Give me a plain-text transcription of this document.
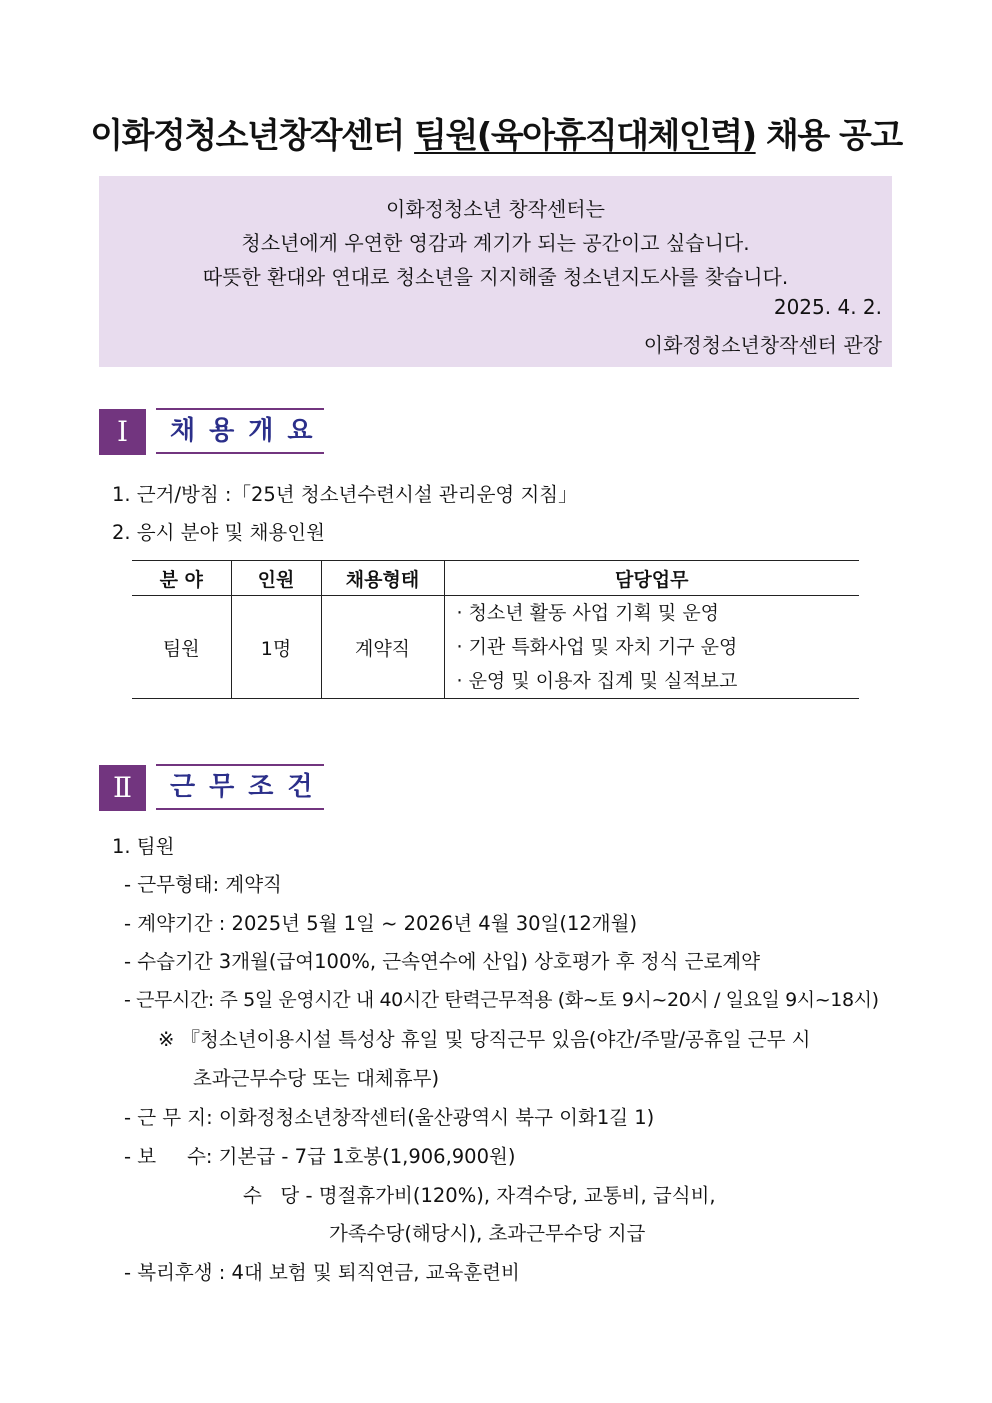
이화정청소년창작센터 팀원(육아휴직대체인력) 채용 공고
이화정청소년 창작센터는
청소년에게 우연한 영감과 계기가 되는 공간이고 싶습니다.
따뜻한 환대와 연대로 청소년을 지지해줄 청소년지도사를 찾습니다.
2025. 4. 2.
이화정청소년창작센터 관장
Ⅰ	채용개요
1. 근거/방침 :「25년 청소년수련시설 관리운영 지침」
2. 응시 분야 및 채용인원
분 야	인원	채용형태	담당업무
팀원	1명	계약직	· 청소년 활동 사업 기획 및 운영
· 기관 특화사업 및 자치 기구 운영
· 운영 및 이용자 집계 및 실적보고
Ⅱ	근무조건
1. 팀원
- 근무형태: 계약직
- 계약기간 : 2025년 5월 1일 ~ 2026년 4월 30일(12개월)
- 수습기간 3개월(급여100%, 근속연수에 산입) 상호평가 후 정식 근로계약
- 근무시간: 주 5일 운영시간 내 40시간 탄력근무적용 (화~토 9시~20시 / 일요일 9시~18시)
※ 『청소년이용시설 특성상 휴일 및 당직근무 있음(야간/주말/공휴일 근무 시
초과근무수당 또는 대체휴무)
- 근 무 지: 이화정청소년창작센터(울산광역시 북구 이화1길 1)
- 보     수: 기본급 - 7급 1호봉(1,906,900원)
수   당 - 명절휴가비(120%), 자격수당, 교통비, 급식비,
가족수당(해당시), 초과근무수당 지급
- 복리후생 : 4대 보험 및 퇴직연금, 교육훈련비
